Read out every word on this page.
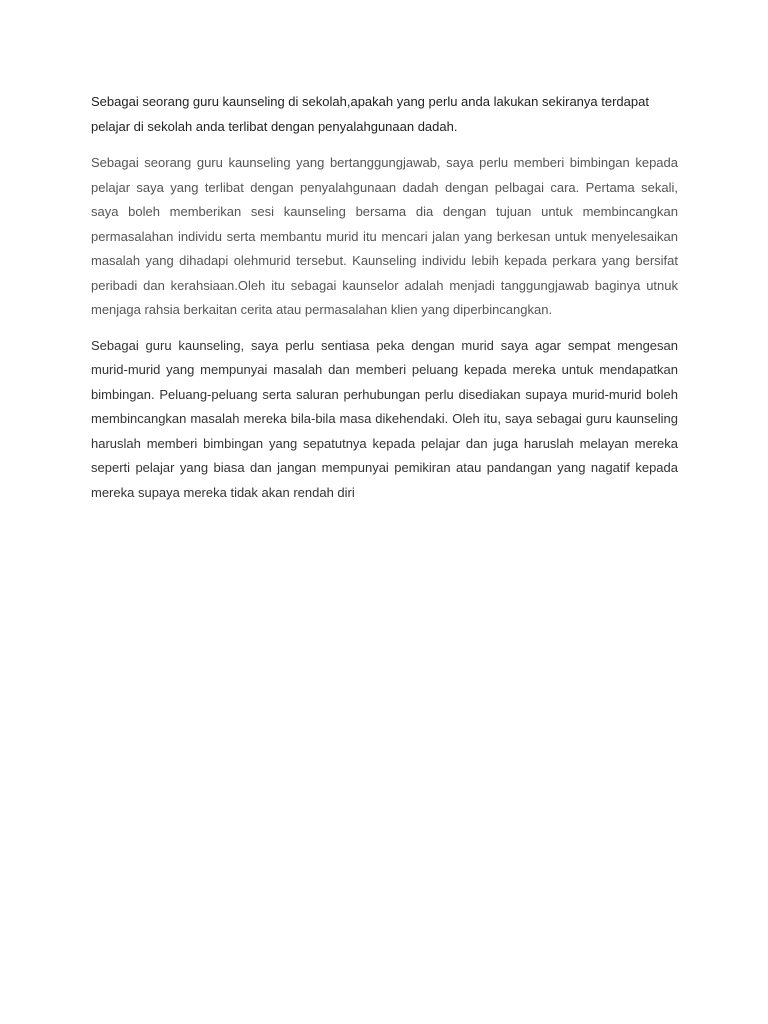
Sebagai seorang guru kaunseling di sekolah,apakah yang perlu anda lakukan sekiranya terdapat pelajar di sekolah anda terlibat dengan penyalahgunaan dadah.

Sebagai seorang guru kaunseling yang bertanggungjawab, saya perlu memberi bimbingan kepada pelajar saya yang terlibat dengan penyalahgunaan dadah dengan pelbagai cara. Pertama sekali, saya boleh memberikan sesi kaunseling bersama dia dengan tujuan untuk membincangkan permasalahan individu serta membantu murid itu mencari jalan yang berkesan untuk menyelesaikan masalah yang dihadapi olehmurid tersebut. Kaunseling individu lebih kepada perkara yang bersifat peribadi dan kerahsiaan.Oleh itu sebagai kaunselor adalah menjadi tanggungjawab baginya utnuk menjaga rahsia berkaitan cerita atau permasalahan klien yang diperbincangkan.

Sebagai guru kaunseling, saya perlu sentiasa peka dengan murid saya agar sempat mengesan murid-murid yang mempunyai masalah dan memberi peluang kepada mereka untuk mendapatkan bimbingan. Peluang-peluang serta saluran perhubungan perlu disediakan supaya murid-murid boleh membincangkan masalah mereka bila-bila masa dikehendaki. Oleh itu, saya sebagai guru kaunseling haruslah memberi bimbingan yang sepatutnya kepada pelajar dan juga haruslah melayan mereka seperti pelajar yang biasa dan jangan mempunyai pemikiran atau pandangan yang nagatif kepada mereka supaya mereka tidak akan rendah diri
